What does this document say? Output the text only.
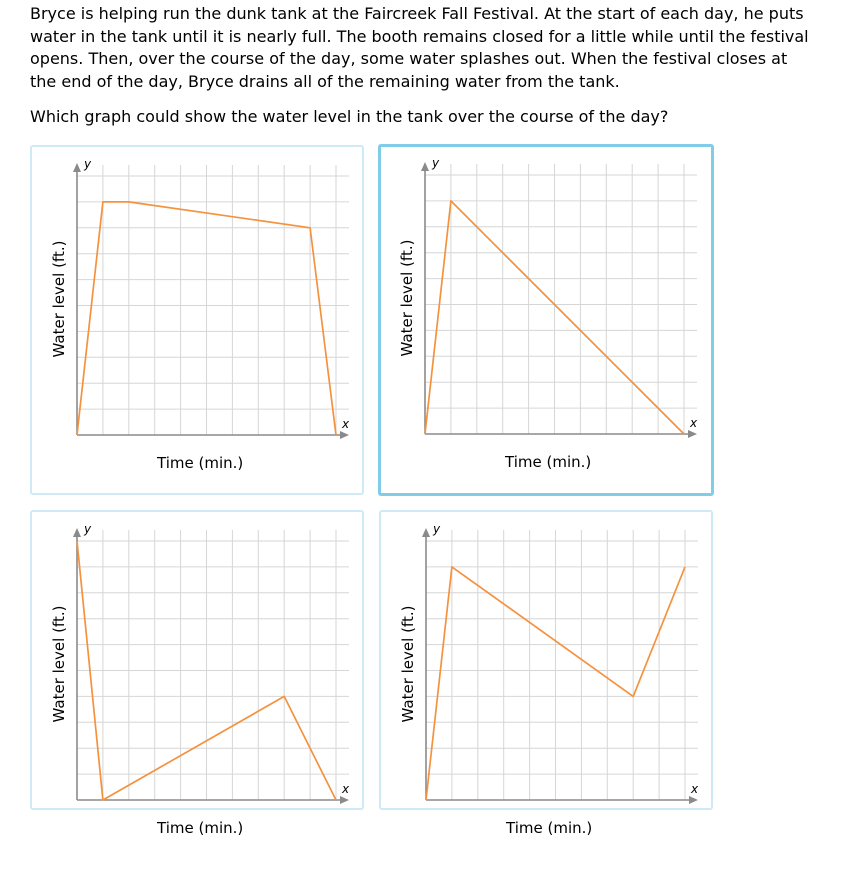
Bryce is helping run the dunk tank at the Faircreek Fall Festival. At the start of each day, he puts water in the tank until it is nearly full. The booth remains closed for a little while until the festival opens. Then, over the course of the day, some water splashes out. When the festival closes at the end of the day, Bryce drains all of the remaining water from the tank.

Which graph could show the water level in the tank over the course of the day?

Water level (ft.)
y
x
Time (min.)
Water level (ft.)
y
x
Time (min.)
Water level (ft.)
y
x
Time (min.)
Water level (ft.)
y
x
Time (min.)
